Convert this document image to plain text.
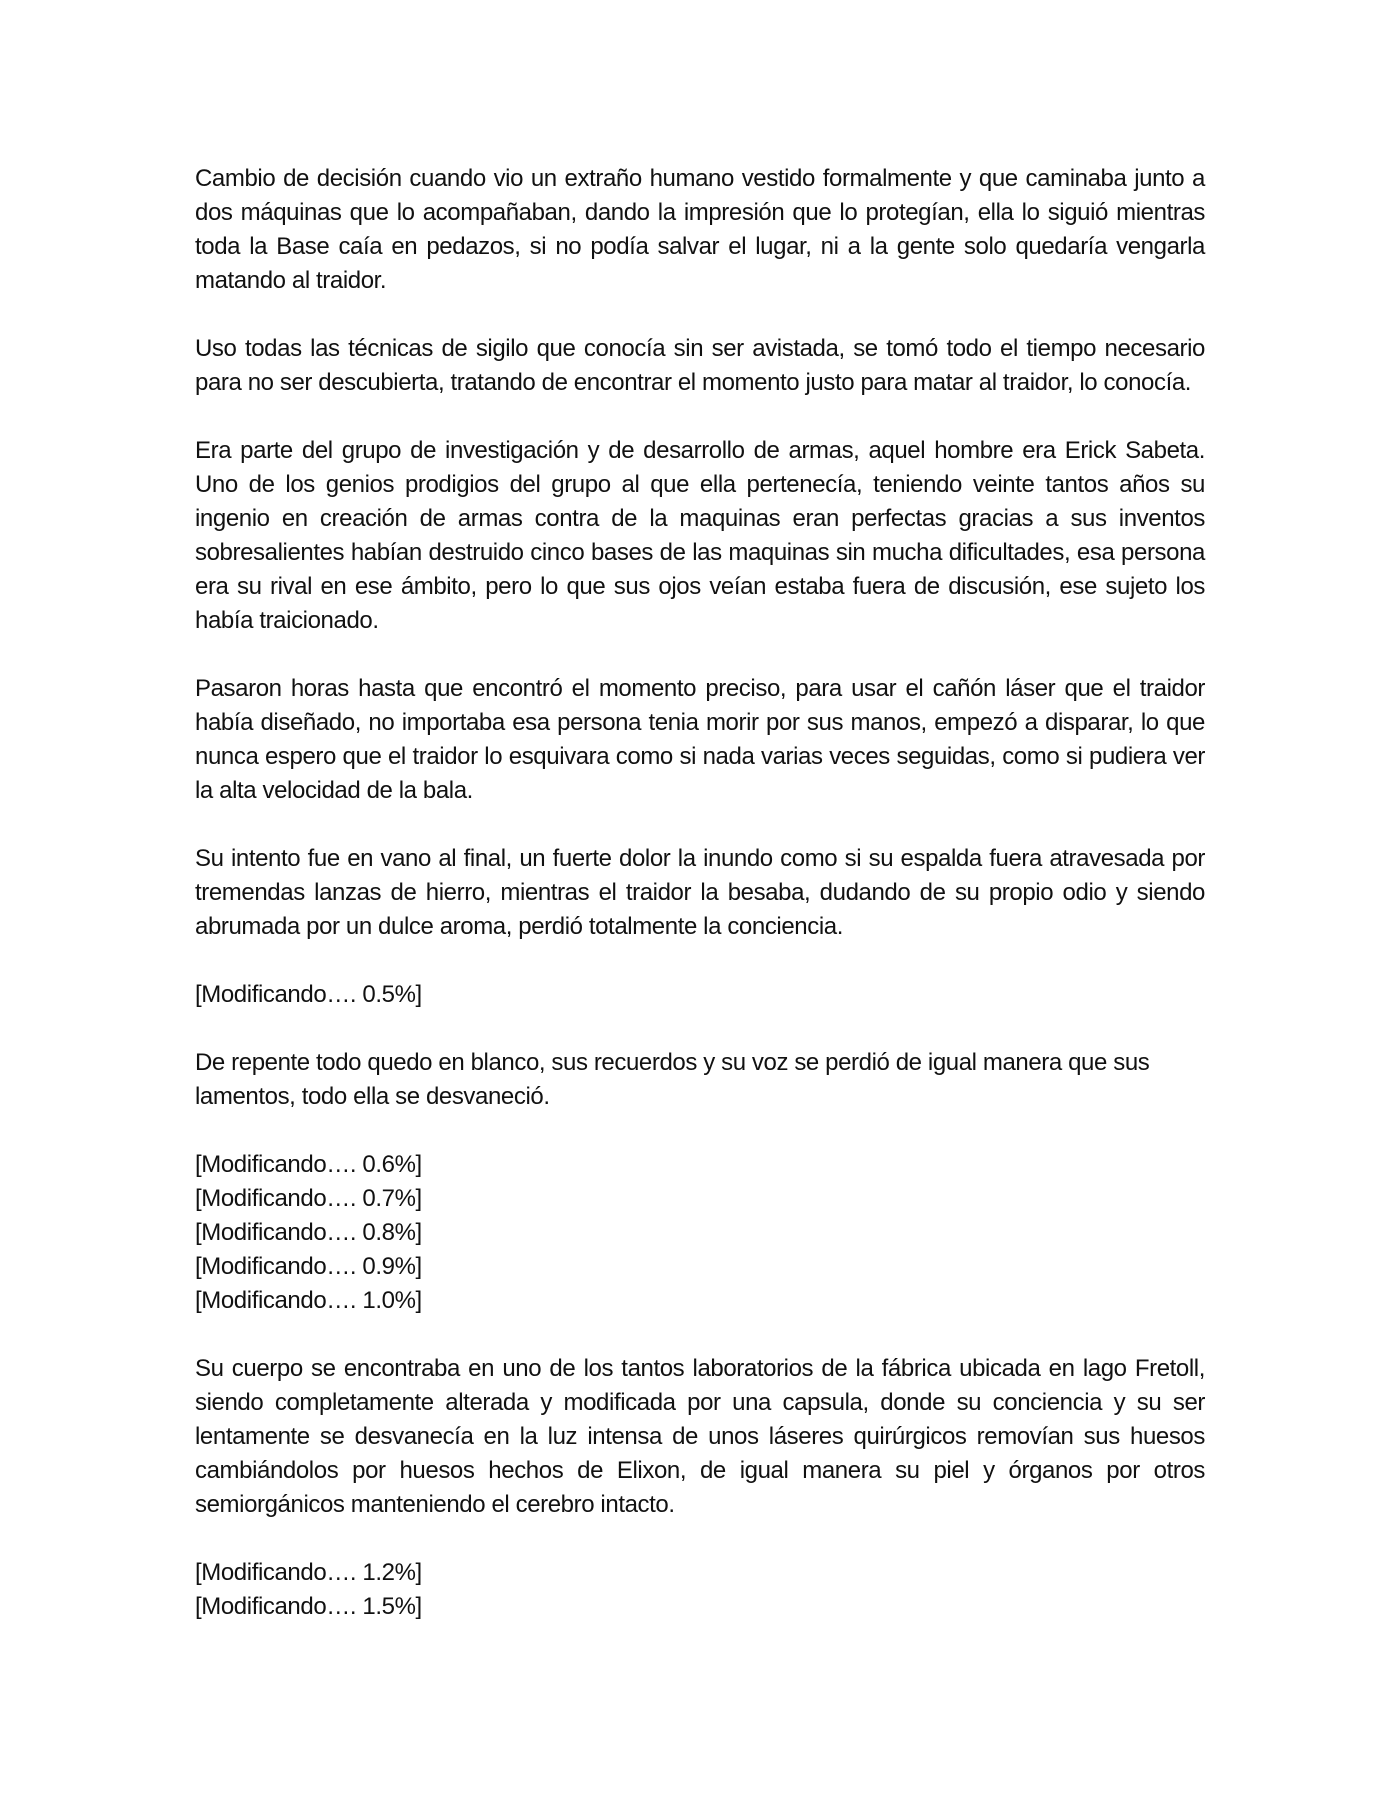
Cambio de decisión cuando vio un extraño humano vestido formalmente y que caminaba junto a dos máquinas que lo acompañaban, dando la impresión que lo protegían, ella lo siguió mientras toda la Base caía en pedazos, si no podía salvar el lugar, ni a la gente solo quedaría vengarla matando al traidor.

Uso todas las técnicas de sigilo que conocía sin ser avistada, se tomó todo el tiempo necesario para no ser descubierta, tratando de encontrar el momento justo para matar al traidor, lo conocía.

Era parte del grupo de investigación y de desarrollo de armas, aquel hombre era Erick Sabeta. Uno de los genios prodigios del grupo al que ella pertenecía, teniendo veinte tantos años su ingenio en creación de armas contra de la maquinas eran perfectas gracias a sus inventos sobresalientes habían destruido cinco bases de las maquinas sin mucha dificultades, esa persona era su rival en ese ámbito, pero lo que sus ojos veían estaba fuera de discusión, ese sujeto los había traicionado.

Pasaron horas hasta que encontró el momento preciso, para usar el cañón láser que el traidor había diseñado, no importaba esa persona tenia morir por sus manos, empezó a disparar, lo que nunca espero que el traidor lo esquivara como si nada varias veces seguidas, como si pudiera ver la alta velocidad de la bala.

Su intento fue en vano al final, un fuerte dolor la inundo como si su espalda fuera atravesada por tremendas lanzas de hierro, mientras el traidor la besaba, dudando de su propio odio y siendo abrumada por un dulce aroma, perdió totalmente la conciencia.

[Modificando…. 0.5%]

De repente todo quedo en blanco, sus recuerdos y su voz se perdió de igual manera que sus lamentos, todo ella se desvaneció.

[Modificando…. 0.6%]

[Modificando…. 0.7%]

[Modificando…. 0.8%]

[Modificando…. 0.9%]

[Modificando…. 1.0%]

Su cuerpo se encontraba en uno de los tantos laboratorios de la fábrica ubicada en lago Fretoll, siendo completamente alterada y modificada por una capsula, donde su conciencia y su ser lentamente se desvanecía en la luz intensa de unos láseres quirúrgicos removían sus huesos cambiándolos por huesos hechos de Elixon, de igual manera su piel y órganos por otros semiorgánicos manteniendo el cerebro intacto.

[Modificando…. 1.2%]

[Modificando…. 1.5%]
